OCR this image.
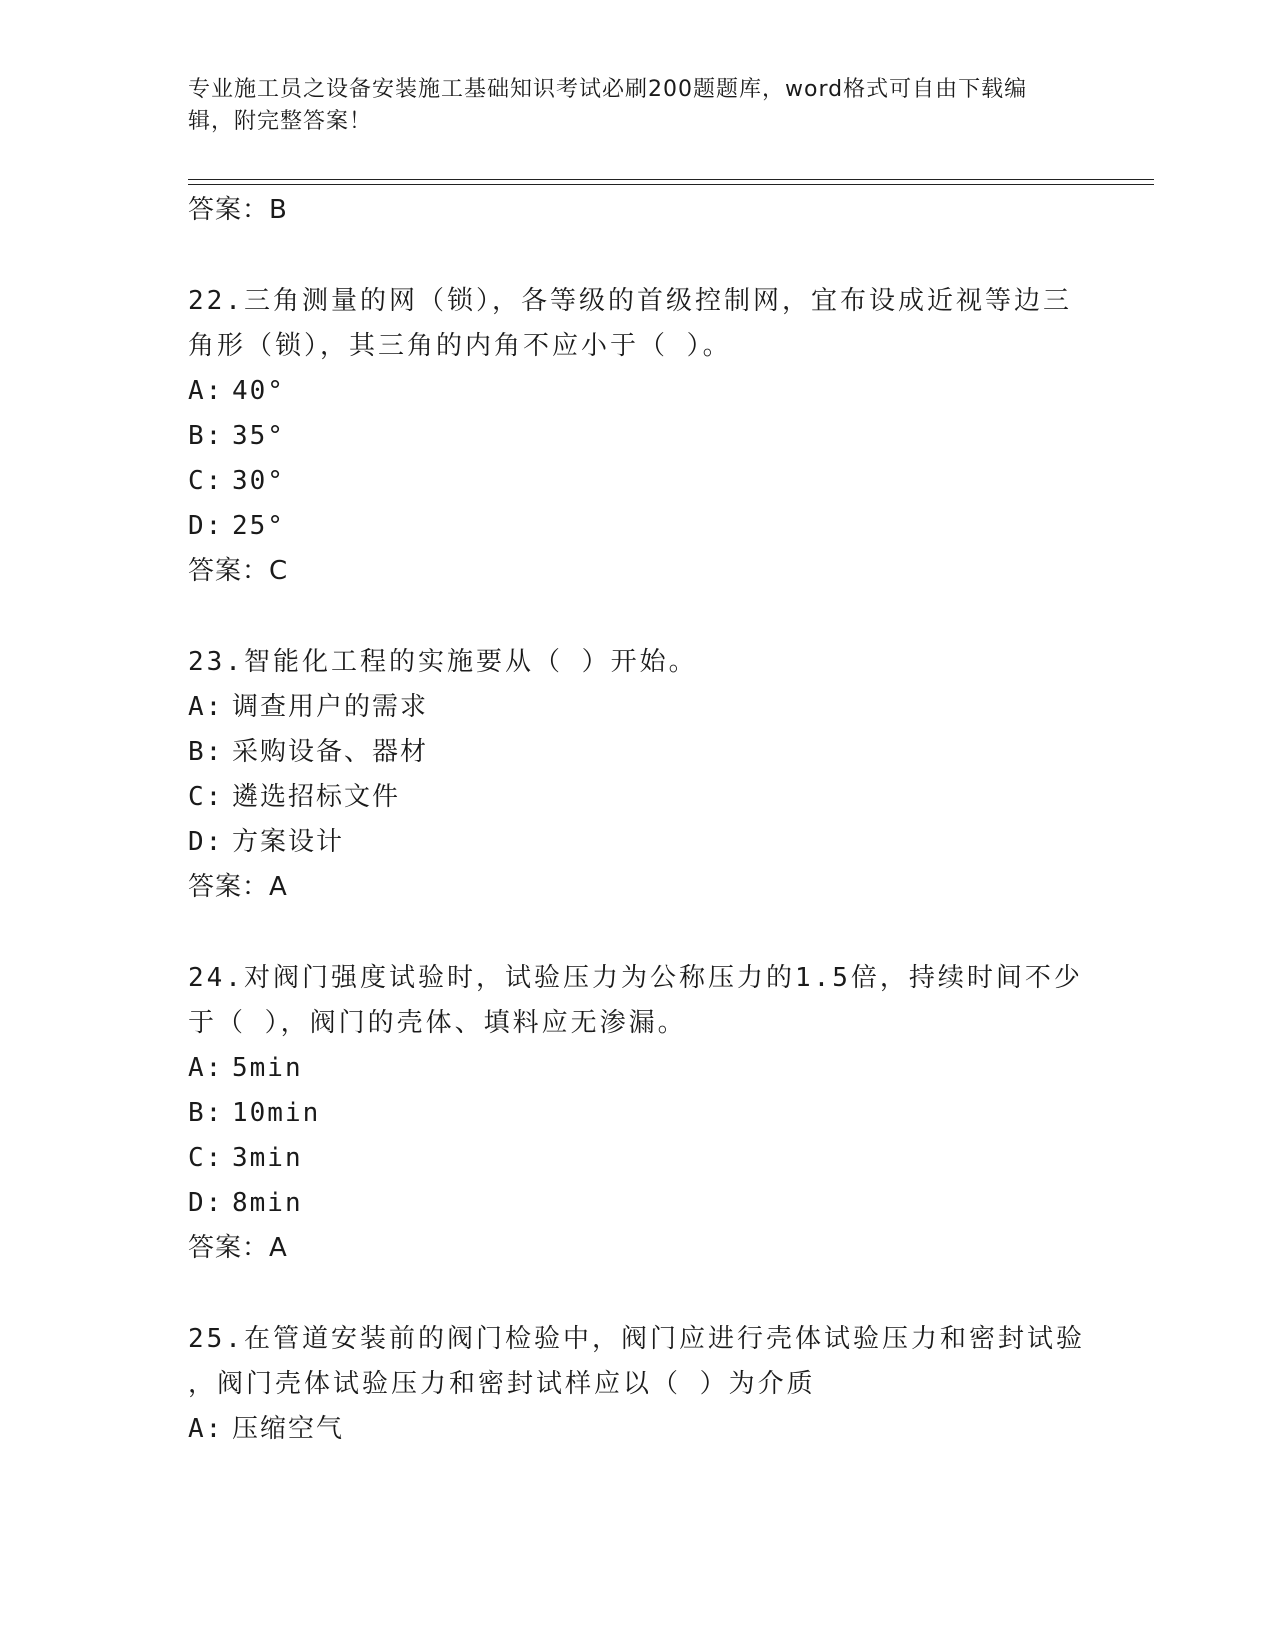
专业施工员之设备安装施工基础知识考试必刷200题题库，word格式可自由下载编辑，附完整答案！
答案：B
22.三角测量的网（锁），各等级的首级控制网，宜布设成近视等边三
角形（锁），其三角的内角不应小于（ ）。
A: 40°
B: 35°
C: 30°
D: 25°
答案：C
23.智能化工程的实施要从（ ）开始。
A: 调查用户的需求
B: 采购设备、器材
C: 遴选招标文件
D: 方案设计
答案：A
24.对阀门强度试验时，试验压力为公称压力的1.5倍，持续时间不少
于（ ），阀门的壳体、填料应无渗漏。
A: 5min
B: 10min
C: 3min
D: 8min
答案：A
25.在管道安装前的阀门检验中，阀门应进行壳体试验压力和密封试验
，阀门壳体试验压力和密封试样应以（ ）为介质
A: 压缩空气
